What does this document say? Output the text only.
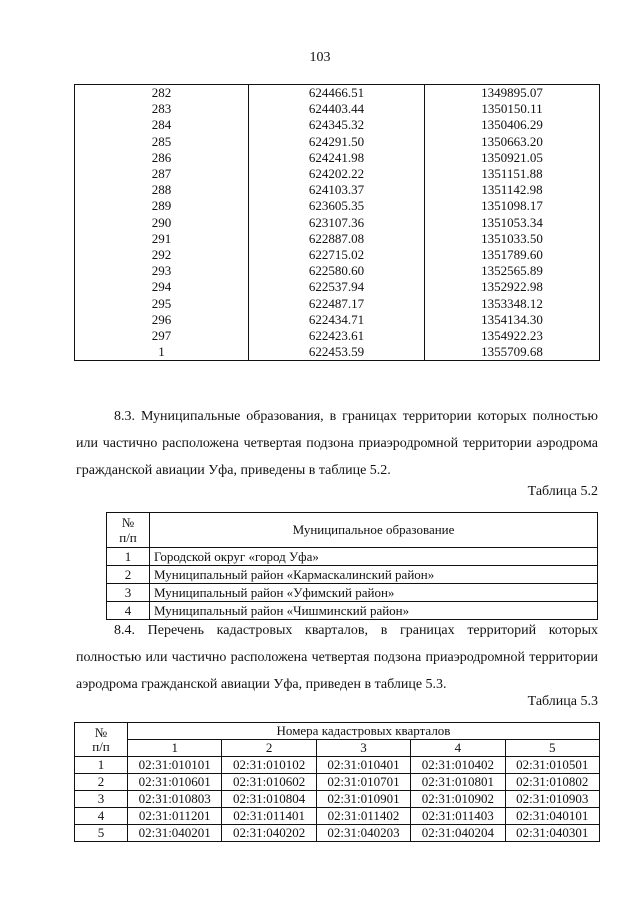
103
282	624466.51	1349895.07
283	624403.44	1350150.11
284	624345.32	1350406.29
285	624291.50	1350663.20
286	624241.98	1350921.05
287	624202.22	1351151.88
288	624103.37	1351142.98
289	623605.35	1351098.17
290	623107.36	1351053.34
291	622887.08	1351033.50
292	622715.02	1351789.60
293	622580.60	1352565.89
294	622537.94	1352922.98
295	622487.17	1353348.12
296	622434.71	1354134.30
297	622423.61	1354922.23
1	622453.59	1355709.68

8.3. Муниципальные образования, в границах территории которых полностью или частично расположена четвертая подзона приаэродромной территории аэродрома гражданской авиации Уфа, приведены в таблице 5.2.

Таблица 5.2
№
п/п	Муниципальное образование
1	Городской округ «город Уфа»
2	Муниципальный район «Кармаскалинский район»
3	Муниципальный район «Уфимский район»
4	Муниципальный район «Чишминский район»

8.4. Перечень кадастровых кварталов, в границах территорий которых полностью или частично расположена четвертая подзона приаэродромной территории аэродрома гражданской авиации Уфа, приведен в таблице 5.3.

Таблица 5.3
№
п/п	Номера кадастровых кварталов				
	1	2	3	4	5
1	02:31:010101	02:31:010102	02:31:010401	02:31:010402	02:31:010501
2	02:31:010601	02:31:010602	02:31:010701	02:31:010801	02:31:010802
3	02:31:010803	02:31:010804	02:31:010901	02:31:010902	02:31:010903
4	02:31:011201	02:31:011401	02:31:011402	02:31:011403	02:31:040101
5	02:31:040201	02:31:040202	02:31:040203	02:31:040204	02:31:040301
